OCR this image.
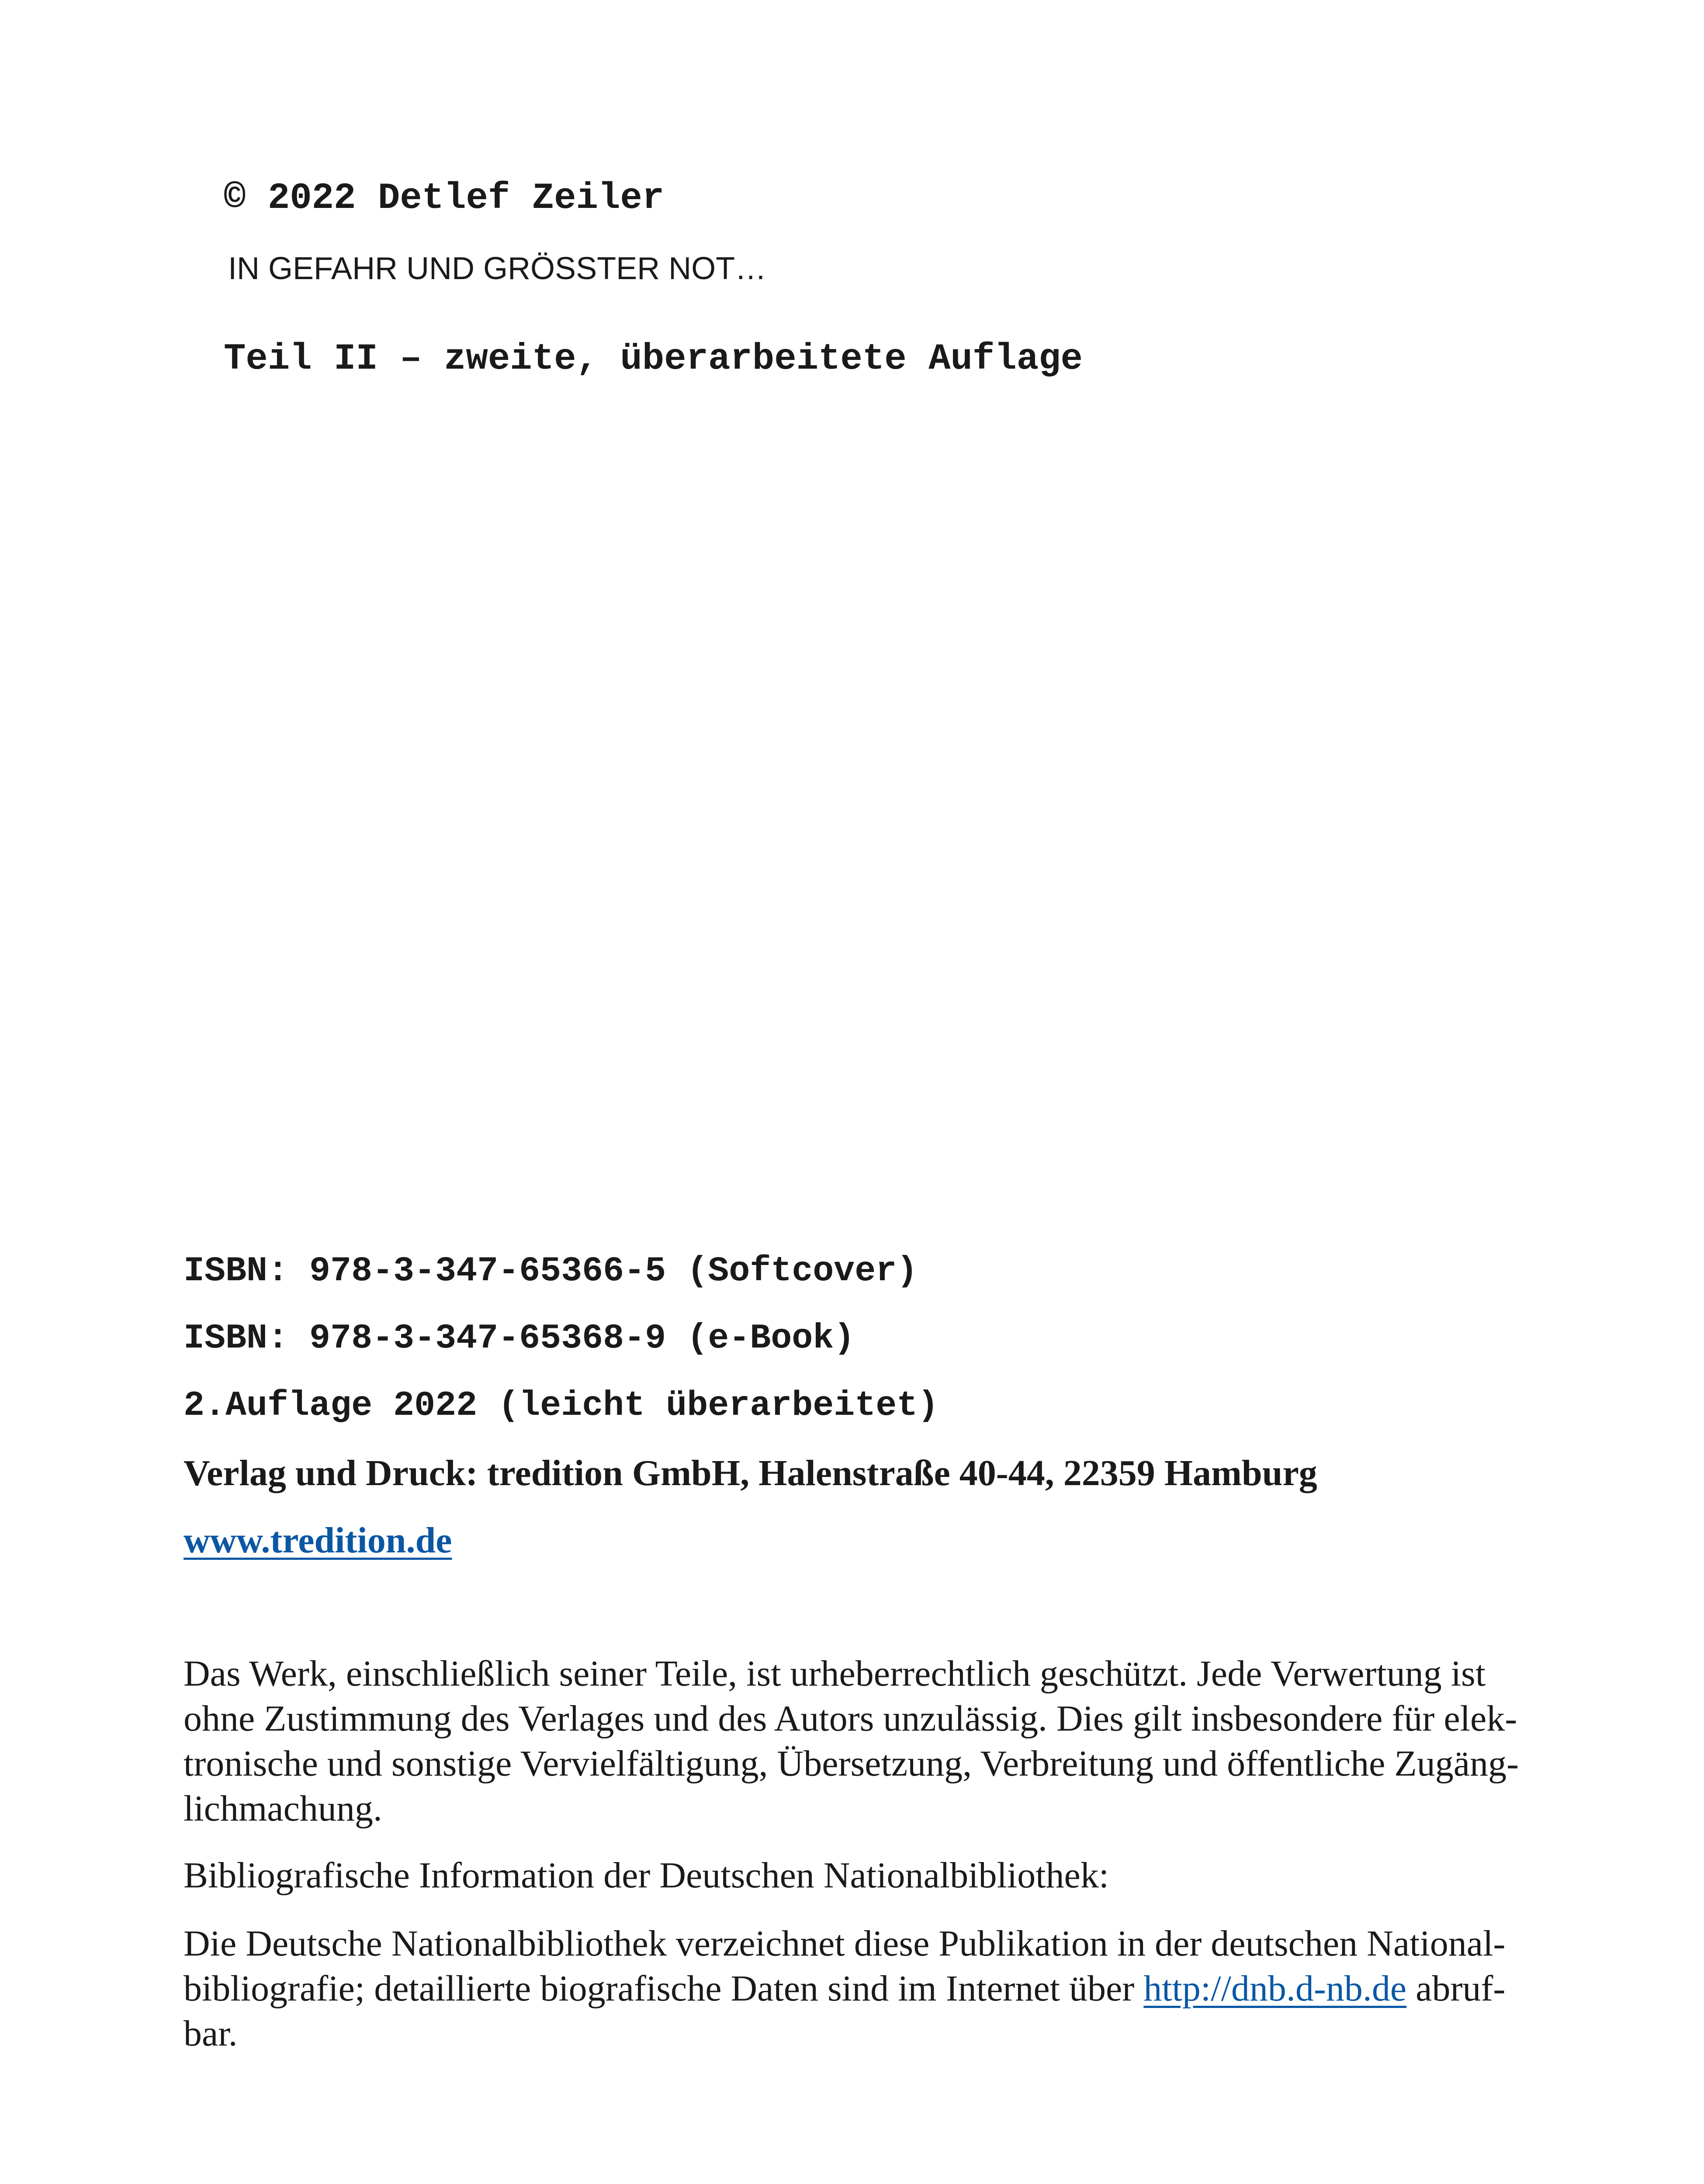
© 2022 Detlef Zeiler
IN GEFAHR UND GRÖSSTER NOT…
Teil II – zweite, überarbeitete Auflage
ISBN: 978-3-347-65366-5 (Softcover)
ISBN: 978-3-347-65368-9 (e-Book)
2.Auflage 2022 (leicht überarbeitet)
Verlag und Druck: tredition GmbH, Halenstraße 40-44, 22359 Hamburg
www.tredition.de
Das Werk, einschließlich seiner Teile, ist urheberrechtlich geschützt. Jede Verwertung ist
ohne Zustimmung des Verlages und des Autors unzulässig. Dies gilt insbesondere für elek-
tronische und sonstige Vervielfältigung, Übersetzung, Verbreitung und öffentliche Zugäng-
lichmachung.
Bibliografische Information der Deutschen Nationalbibliothek:
Die Deutsche Nationalbibliothek verzeichnet diese Publikation in der deutschen National-
bibliografie; detaillierte biografische Daten sind im Internet über http://dnb.d-nb.de abruf-
bar.
